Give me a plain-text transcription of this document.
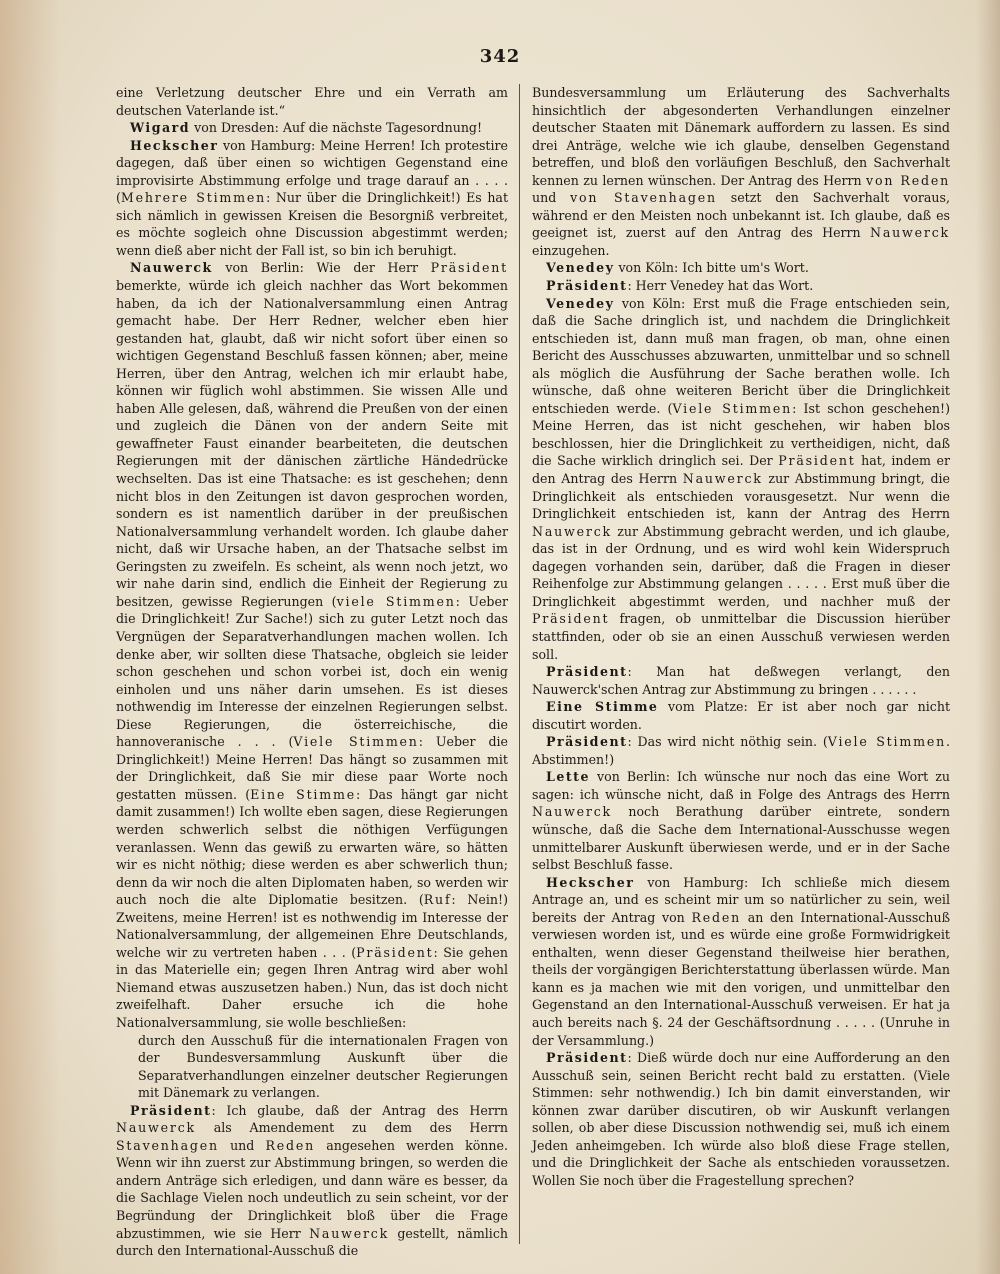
342

eine Verletzung deutscher Ehre und ein Verrath am deutschen Vaterlande ist.“

Wigard von Dresden: Auf die nächste Tagesordnung!

Heckscher von Hamburg: Meine Herren! Ich protestire dagegen, daß über einen so wichtigen Gegenstand eine improvisirte Abstimmung erfolge und trage darauf an . . . . (Mehrere Stimmen: Nur über die Dringlichkeit!) Es hat sich nämlich in gewissen Kreisen die Besorgniß verbreitet, es möchte sogleich ohne Discussion abgestimmt werden; wenn dieß aber nicht der Fall ist, so bin ich beruhigt.

Nauwerck von Berlin: Wie der Herr Präsident bemerkte, würde ich gleich nachher das Wort bekommen haben, da ich der Nationalversammlung einen Antrag gemacht habe. Der Herr Redner, welcher eben hier gestanden hat, glaubt, daß wir nicht sofort über einen so wichtigen Gegenstand Beschluß fassen können; aber, meine Herren, über den Antrag, welchen ich mir erlaubt habe, können wir füglich wohl abstimmen. Sie wissen Alle und haben Alle gelesen, daß, während die Preußen von der einen und zugleich die Dänen von der andern Seite mit gewaffneter Faust einander bearbeiteten, die deutschen Regierungen mit der dänischen zärtliche Händedrücke wechselten. Das ist eine Thatsache: es ist geschehen; denn nicht blos in den Zeitungen ist davon gesprochen worden, sondern es ist namentlich darüber in der preußischen Nationalversammlung verhandelt worden. Ich glaube daher nicht, daß wir Ursache haben, an der Thatsache selbst im Geringsten zu zweifeln. Es scheint, als wenn noch jetzt, wo wir nahe darin sind, endlich die Einheit der Regierung zu besitzen, gewisse Regierungen (viele Stimmen: Ueber die Dringlichkeit! Zur Sache!) sich zu guter Letzt noch das Vergnügen der Separatverhandlungen machen wollen. Ich denke aber, wir sollten diese Thatsache, obgleich sie leider schon geschehen und schon vorbei ist, doch ein wenig einholen und uns näher darin umsehen. Es ist dieses nothwendig im Interesse der einzelnen Regierungen selbst. Diese Regierungen, die österreichische, die hannoveranische . . . (Viele Stimmen: Ueber die Dringlichkeit!) Meine Herren! Das hängt so zusammen mit der Dringlichkeit, daß Sie mir diese paar Worte noch gestatten müssen. (Eine Stimme: Das hängt gar nicht damit zusammen!) Ich wollte eben sagen, diese Regierungen werden schwerlich selbst die nöthigen Verfügungen veranlassen. Wenn das gewiß zu erwarten wäre, so hätten wir es nicht nöthig; diese werden es aber schwerlich thun; denn da wir noch die alten Diplomaten haben, so werden wir auch noch die alte Diplomatie besitzen. (Ruf: Nein!) Zweitens, meine Herren! ist es nothwendig im Interesse der Nationalversammlung, der allgemeinen Ehre Deutschlands, welche wir zu vertreten haben . . . (Präsident: Sie gehen in das Materielle ein; gegen Ihren Antrag wird aber wohl Niemand etwas auszusetzen haben.) Nun, das ist doch nicht zweifelhaft. Daher ersuche ich die hohe Nationalversammlung, sie wolle beschließen:

durch den Ausschuß für die internationalen Fragen von der Bundesversammlung Auskunft über die Separatverhandlungen einzelner deutscher Regierungen mit Dänemark zu verlangen.

Präsident: Ich glaube, daß der Antrag des Herrn Nauwerck als Amendement zu dem des Herrn Stavenhagen und Reden angesehen werden könne. Wenn wir ihn zuerst zur Abstimmung bringen, so werden die andern Anträge sich erledigen, und dann wäre es besser, da die Sachlage Vielen noch undeutlich zu sein scheint, vor der Begründung der Dringlichkeit bloß über die Frage abzustimmen, wie sie Herr Nauwerck gestellt, nämlich durch den International-Ausschuß die

Bundesversammlung um Erläuterung des Sachverhalts hinsichtlich der abgesonderten Verhandlungen einzelner deutscher Staaten mit Dänemark auffordern zu lassen. Es sind drei Anträge, welche wie ich glaube, denselben Gegenstand betreffen, und bloß den vorläufigen Beschluß, den Sachverhalt kennen zu lernen wünschen. Der Antrag des Herrn von Reden und von Stavenhagen setzt den Sachverhalt voraus, während er den Meisten noch unbekannt ist. Ich glaube, daß es geeignet ist, zuerst auf den Antrag des Herrn Nauwerck einzugehen.

Venedey von Köln: Ich bitte um's Wort.

Präsident: Herr Venedey hat das Wort.

Venedey von Köln: Erst muß die Frage entschieden sein, daß die Sache dringlich ist, und nachdem die Dringlichkeit entschieden ist, dann muß man fragen, ob man, ohne einen Bericht des Ausschusses abzuwarten, unmittelbar und so schnell als möglich die Ausführung der Sache berathen wolle. Ich wünsche, daß ohne weiteren Bericht über die Dringlichkeit entschieden werde. (Viele Stimmen: Ist schon geschehen!) Meine Herren, das ist nicht geschehen, wir haben blos beschlossen, hier die Dringlichkeit zu vertheidigen, nicht, daß die Sache wirklich dringlich sei. Der Präsident hat, indem er den Antrag des Herrn Nauwerck zur Abstimmung bringt, die Dringlichkeit als entschieden vorausgesetzt. Nur wenn die Dringlichkeit entschieden ist, kann der Antrag des Herrn Nauwerck zur Abstimmung gebracht werden, und ich glaube, das ist in der Ordnung, und es wird wohl kein Widerspruch dagegen vorhanden sein, darüber, daß die Fragen in dieser Reihenfolge zur Abstimmung gelangen . . . . . Erst muß über die Dringlichkeit abgestimmt werden, und nachher muß der Präsident fragen, ob unmittelbar die Discussion hierüber stattfinden, oder ob sie an einen Ausschuß verwiesen werden soll.

Präsident: Man hat deßwegen verlangt, den Nauwerck'schen Antrag zur Abstimmung zu bringen . . . . . .

Eine Stimme vom Platze: Er ist aber noch gar nicht discutirt worden.

Präsident: Das wird nicht nöthig sein. (Viele Stimmen. Abstimmen!)

Lette von Berlin: Ich wünsche nur noch das eine Wort zu sagen: ich wünsche nicht, daß in Folge des Antrags des Herrn Nauwerck noch Berathung darüber eintrete, sondern wünsche, daß die Sache dem International-Ausschusse wegen unmittelbarer Auskunft überwiesen werde, und er in der Sache selbst Beschluß fasse.

Heckscher von Hamburg: Ich schließe mich diesem Antrage an, und es scheint mir um so natürlicher zu sein, weil bereits der Antrag von Reden an den International-Ausschuß verwiesen worden ist, und es würde eine große Formwidrigkeit enthalten, wenn dieser Gegenstand theilweise hier berathen, theils der vorgängigen Berichterstattung überlassen würde. Man kann es ja machen wie mit den vorigen, und unmittelbar den Gegenstand an den International-Ausschuß verweisen. Er hat ja auch bereits nach §. 24 der Geschäftsordnung . . . . . (Unruhe in der Versammlung.)

Präsident: Dieß würde doch nur eine Aufforderung an den Ausschuß sein, seinen Bericht recht bald zu erstatten. (Viele Stimmen: sehr nothwendig.) Ich bin damit einverstanden, wir können zwar darüber discutiren, ob wir Auskunft verlangen sollen, ob aber diese Discussion nothwendig sei, muß ich einem Jeden anheimgeben. Ich würde also bloß diese Frage stellen, und die Dringlichkeit der Sache als entschieden voraussetzen. Wollen Sie noch über die Fragestellung sprechen?
